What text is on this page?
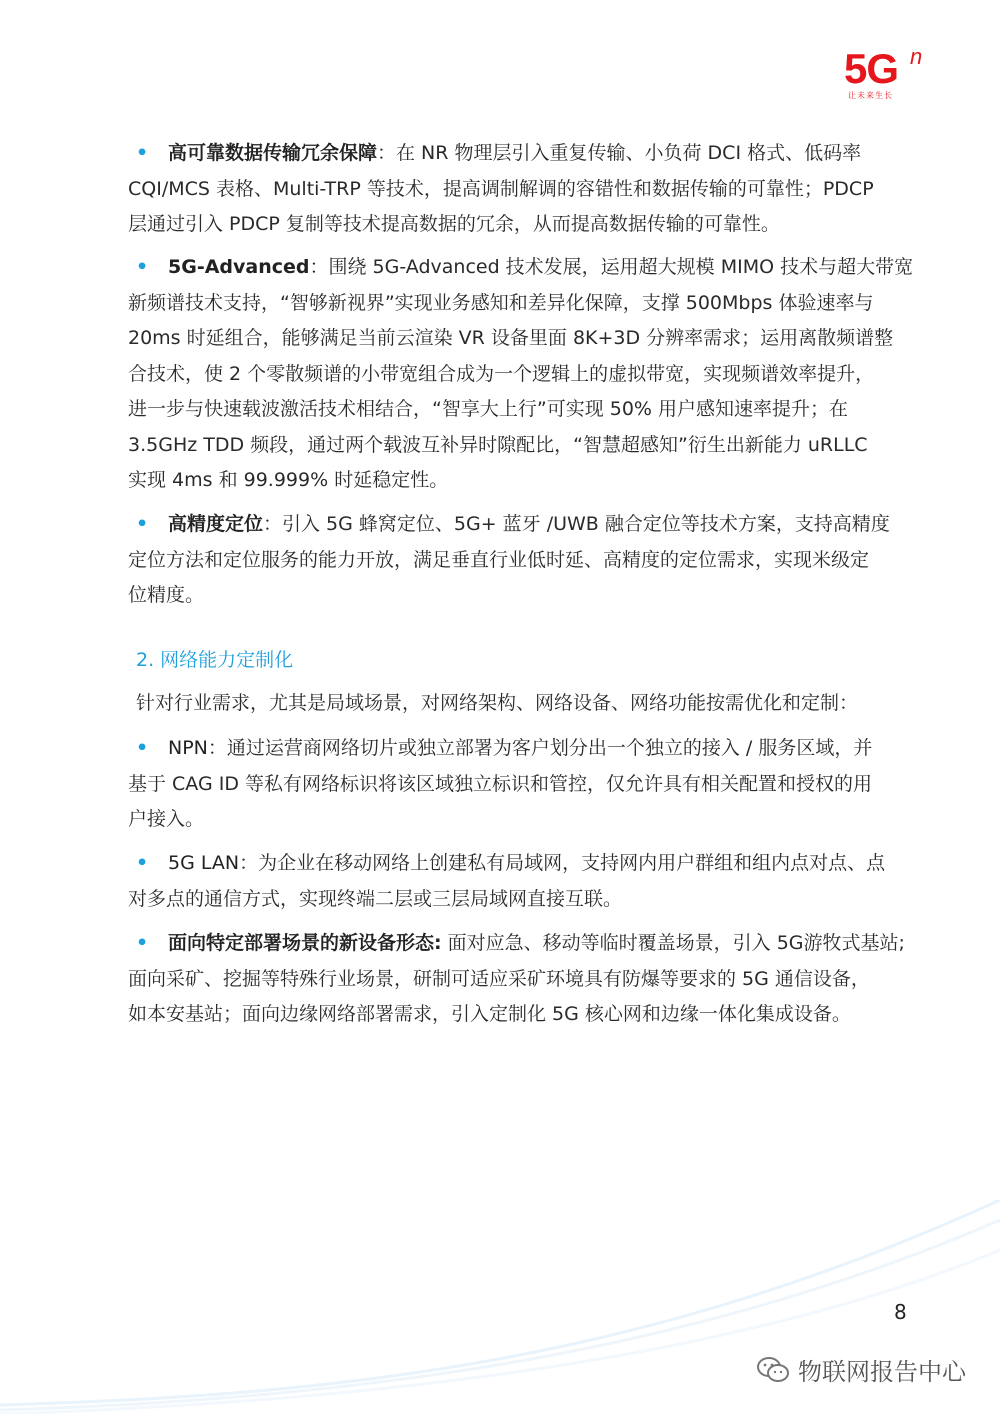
5G n
让未来生长

• 高可靠数据传输冗余保障：在 NR 物理层引入重复传输、小负荷 DCI 格式、低码率

CQI/MCS 表格、Multi-TRP 等技术，提高调制解调的容错性和数据传输的可靠性；PDCP

层通过引入 PDCP 复制等技术提高数据的冗余，从而提高数据传输的可靠性。

• 5G-Advanced：围绕 5G-Advanced 技术发展，运用超大规模 MIMO 技术与超大带宽

新频谱技术支持，“智够新视界”实现业务感知和差异化保障，支撑 500Mbps 体验速率与

20ms 时延组合，能够满足当前云渲染 VR 设备里面 8K+3D 分辨率需求；运用离散频谱整

合技术，使 2 个零散频谱的小带宽组合成为一个逻辑上的虚拟带宽，实现频谱效率提升，

进一步与快速载波激活技术相结合，“智享大上行”可实现 50% 用户感知速率提升；在

3.5GHz TDD 频段，通过两个载波互补异时隙配比，“智慧超感知”衍生出新能力 uRLLC

实现 4ms 和 99.999% 时延稳定性。

• 高精度定位：引入 5G 蜂窝定位、5G+ 蓝牙 /UWB 融合定位等技术方案，支持高精度

定位方法和定位服务的能力开放，满足垂直行业低时延、高精度的定位需求，实现米级定

位精度。

2. 网络能力定制化

针对行业需求，尤其是局域场景，对网络架构、网络设备、网络功能按需优化和定制：

• NPN：通过运营商网络切片或独立部署为客户划分出一个独立的接入 / 服务区域，并

基于 CAG ID 等私有网络标识将该区域独立标识和管控，仅允许具有相关配置和授权的用

户接入。

• 5G LAN：为企业在移动网络上创建私有局域网，支持网内用户群组和组内点对点、点

对多点的通信方式，实现终端二层或三层局域网直接互联。

• 面向特定部署场景的新设备形态: 面对应急、移动等临时覆盖场景，引入 5G游牧式基站;

面向采矿、挖掘等特殊行业场景，研制可适应采矿环境具有防爆等要求的 5G 通信设备，

如本安基站；面向边缘网络部署需求，引入定制化 5G 核心网和边缘一体化集成设备。

8
物联网报告中心
